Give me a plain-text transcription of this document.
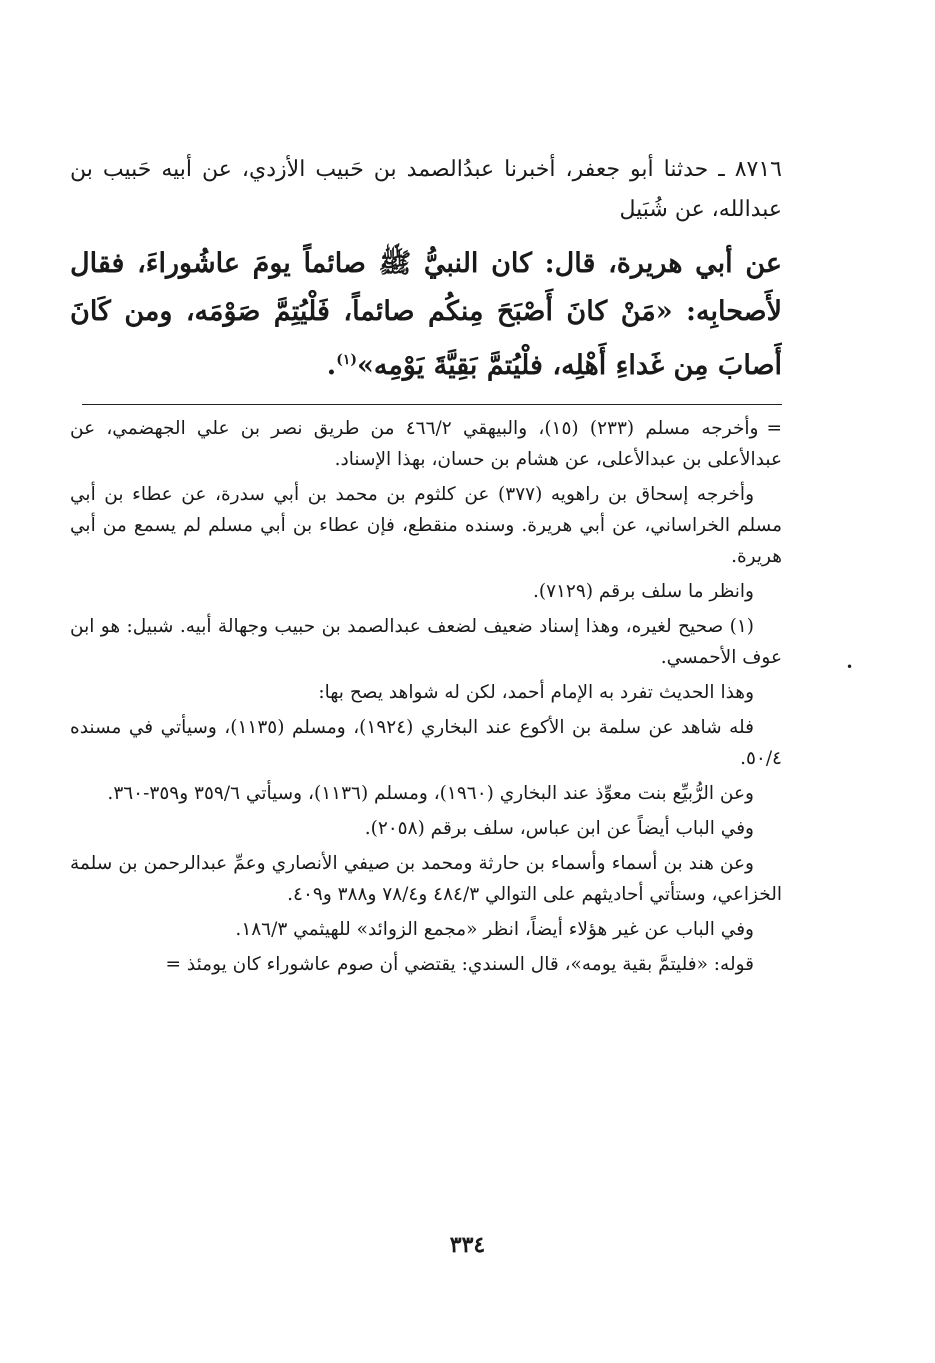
٨٧١٦ ـ حدثنا أبو جعفر، أخبرنا عبدُالصمد بن حَبيب الأزدي، عن أبيه حَبيب بن عبدالله، عن شُبَيل

عن أبي هريرة، قال: كان النبيُّ ﷺ صائماً يومَ عاشُوراءَ، فقال لأَصحابِه: «مَنْ كانَ أَصْبَحَ مِنكُم صائماً، فَلْيُتِمَّ صَوْمَه، ومن كَانَ أَصابَ مِن غَداءِ أَهْلِه، فلْيُتمَّ بَقِيَّةَ يَوْمِه»$^{(١)}$.

=وأخرجه مسلم (٢٣٣) (١٥)، والبيهقي ٤٦٦/٢ من طريق نصر بن علي الجهضمي، عن عبدالأعلى بن عبدالأعلى، عن هشام بن حسان، بهذا الإسناد.

وأخرجه إسحاق بن راهويه (٣٧٧) عن كلثوم بن محمد بن أبي سدرة، عن عطاء بن أبي مسلم الخراساني، عن أبي هريرة. وسنده منقطع، فإن عطاء بن أبي مسلم لم يسمع من أبي هريرة.

وانظر ما سلف برقم (٧١٢٩).

(١) صحيح لغيره، وهذا إسناد ضعيف لضعف عبدالصمد بن حبيب وجهالة أبيه. شبيل: هو ابن عوف الأحمسي.

وهذا الحديث تفرد به الإمام أحمد، لكن له شواهد يصح بها:

فله شاهد عن سلمة بن الأكوع عند البخاري (١٩٢٤)، ومسلم (١١٣٥)، وسيأتي في مسنده ٥٠/٤.

وعن الرُّبيِّع بنت معوِّذ عند البخاري (١٩٦٠)، ومسلم (١١٣٦)، وسيأتي ٣٥٩/٦ و٣٥٩-٣٦٠.

وفي الباب أيضاً عن ابن عباس، سلف برقم (٢٠٥٨).

وعن هند بن أسماء وأسماء بن حارثة ومحمد بن صيفي الأنصاري وعمِّ عبدالرحمن بن سلمة الخزاعي، وستأتي أحاديثهم على التوالي ٤٨٤/٣ و٧٨/٤ و٣٨٨ و٤٠٩.

وفي الباب عن غير هؤلاء أيضاً، انظر «مجمع الزوائد» للهيثمي ١٨٦/٣.

قوله: «فليتمَّ بقية يومه»، قال السندي: يقتضي أن صوم عاشوراء كان يومئذ =

•
٣٣٤
